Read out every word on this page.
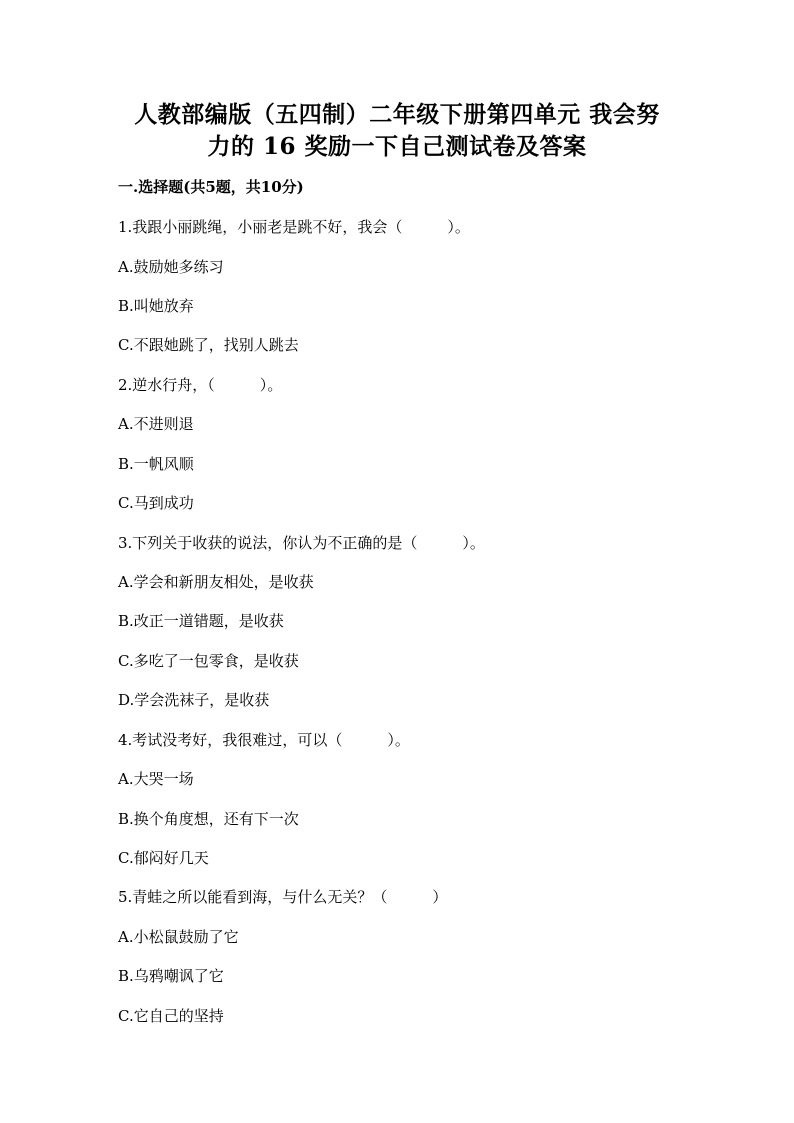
人教部编版（五四制）二年级下册第四单元 我会努
力的 16 奖励一下自己测试卷及答案
一.选择题(共5题，共10分)
1.我跟小丽跳绳，小丽老是跳不好，我会（　　　）。
A.鼓励她多练习
B.叫她放弃
C.不跟她跳了，找别人跳去
2.逆水行舟，（　　　）。
A.不进则退
B.一帆风顺
C.马到成功
3.下列关于收获的说法，你认为不正确的是（　　　）。
A.学会和新朋友相处，是收获
B.改正一道错题，是收获
C.多吃了一包零食，是收获
D.学会洗袜子，是收获
4.考试没考好，我很难过，可以（　　　）。
A.大哭一场
B.换个角度想，还有下一次
C.郁闷好几天
5.青蛙之所以能看到海，与什么无关？（　　　）
A.小松鼠鼓励了它
B.乌鸦嘲讽了它
C.它自己的坚持
